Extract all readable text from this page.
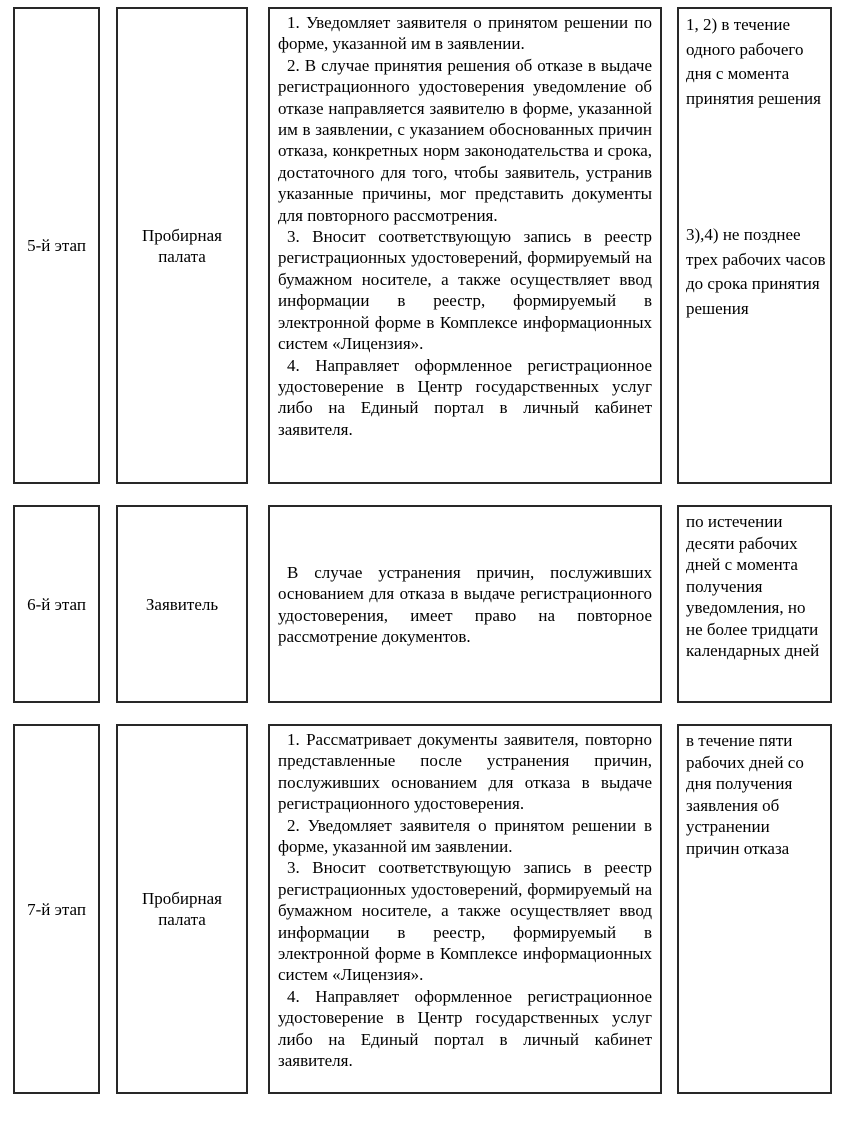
5-й этап
Пробирная палата

1. Уведомляет заявителя о принятом решении по форме, указанной им в заявлении.

2. В случае принятия решения об отказе в выдаче регистрационного удостоверения уведомление об отказе направляется заявителю в форме, указанной им в заявлении, с указанием обоснованных причин отказа, конкретных норм законодательства и срока, достаточного для того, чтобы заявитель, устранив указанные причины, мог представить документы для повторного рассмотрения.

3. Вносит соответствующую запись в реестр регистрационных удостоверений, формируемый на бумажном носителе, а также осуществляет ввод информации в реестр, формируемый в электронной форме в Комплексе информационных систем «Лицензия».

4. Направляет оформленное регистрационное удостоверение в Центр государственных услуг либо на Единый портал в личный кабинет заявителя.

1, 2) в течение одного рабочего дня с момента принятия решения

3),4) не позднее трех рабочих часов до срока принятия решения

6-й этап	Заявитель

В случае устранения причин, послуживших основанием для отказа в выдаче регистрационного удостоверения, имеет право на повторное рассмотрение документов.

по истечении десяти рабочих дней с момента получения уведомления, но не более тридцати календарных дней

7-й этап
Пробирная палата

1. Рассматривает документы заявителя, повторно представленные после устранения причин, послуживших основанием для отказа в выдаче регистрационного удостоверения.

2. Уведомляет заявителя о принятом решении в форме, указанной им заявлении.

3. Вносит соответствующую запись в реестр регистрационных удостоверений, формируемый на бумажном носителе, а также осуществляет ввод информации в реестр, формируемый в электронной форме в Комплексе информационных систем «Лицензия».

4. Направляет оформленное регистрационное удостоверение в Центр государственных услуг либо на Единый портал в личный кабинет заявителя.

в течение пяти рабочих дней со дня получения заявления об устранении причин отказа
